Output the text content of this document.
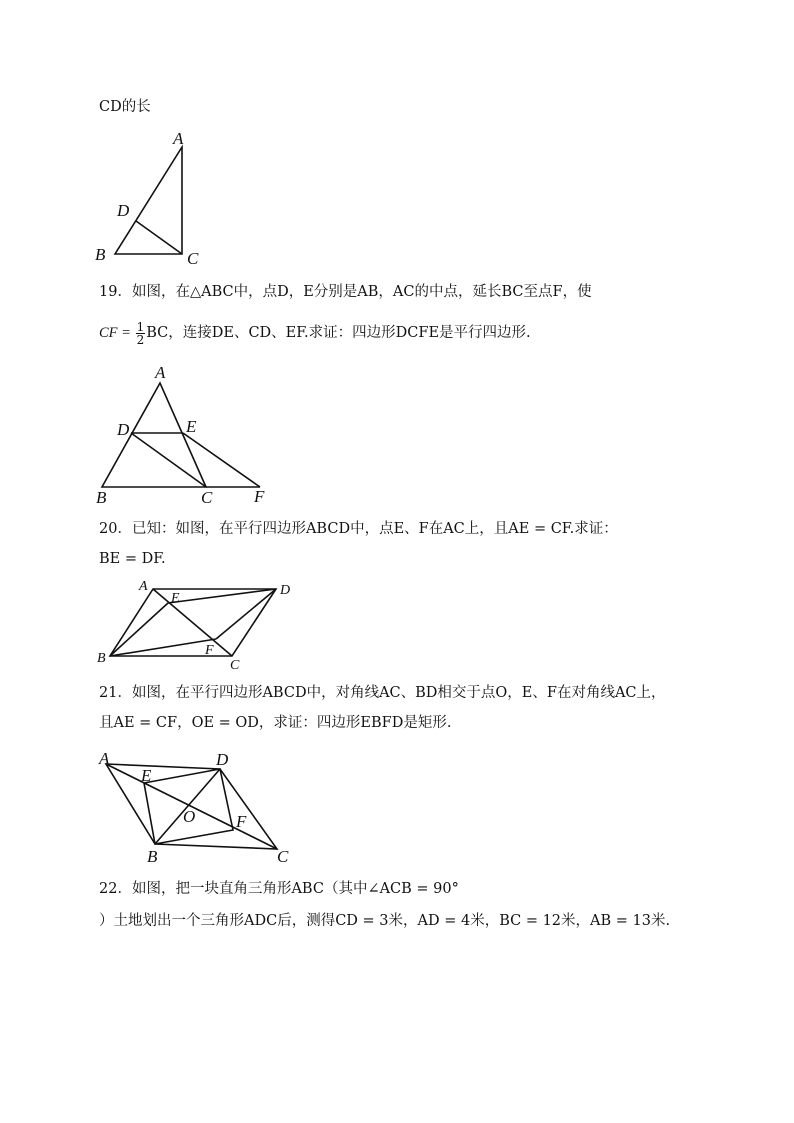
CD的长
A
B	C
D
A
B	C
D	E
F
A
B	C
D
E
F
A
B	C
D
E
F
O
19．如图，在△ABC中，点D，E分别是AB，AC的中点，延长BC至点F，使
CF = $\frac{1}{2}$ BC，连接DE、CD、EF.求证：四边形DCFE是平行四边形.
20．已知：如图，在平行四边形ABCD中，点E、F在AC上，且AE = CF.求证：
BE = DF.
21．如图，在平行四边形ABCD中，对角线AC、BD相交于点O，E、F在对角线AC上，
且AE = CF，OE = OD，求证：四边形EBFD是矩形.
22．如图，把一块直角三角形ABC（其中∠ACB = 90°
）土地划出一个三角形ADC后，测得CD = 3米，AD = 4米，BC = 12米，AB = 13米.
